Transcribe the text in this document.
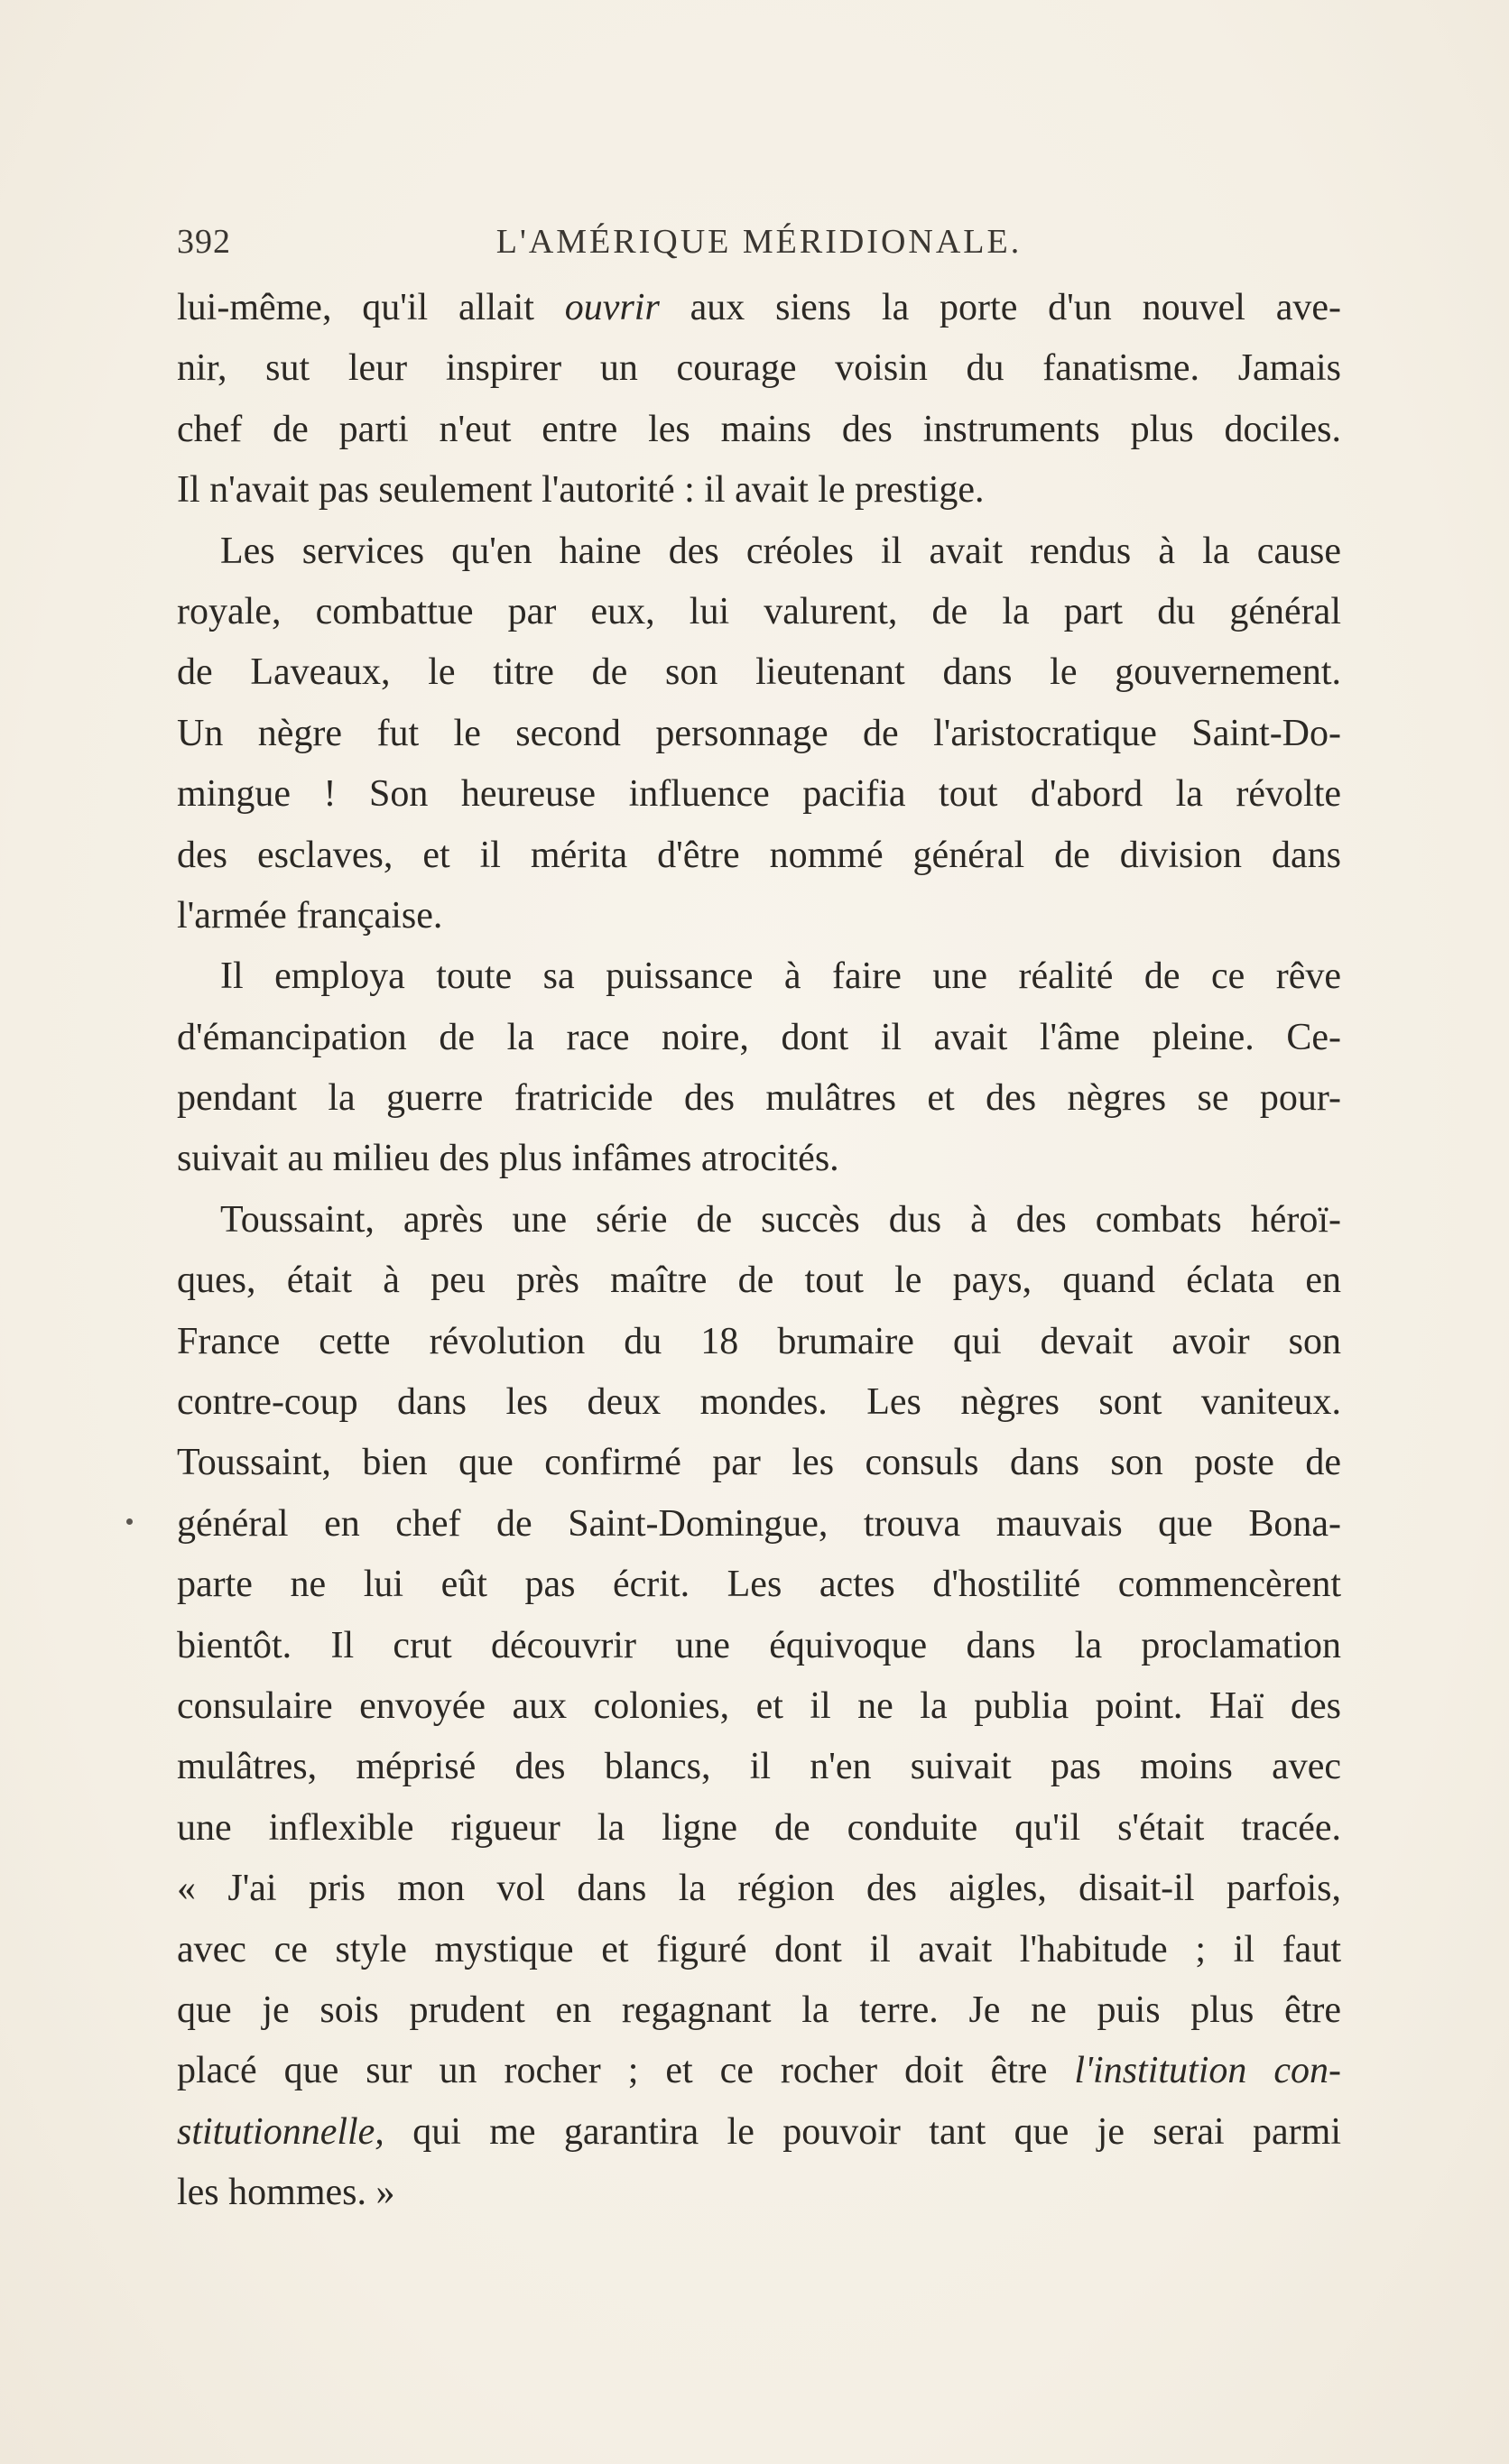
392	L'AMÉRIQUE MÉRIDIONALE.
lui-même, qu'il allait ouvrir aux siens la porte d'un nouvel ave-
nir, sut leur inspirer un courage voisin du fanatisme. Jamais
chef de parti n'eut entre les mains des instruments plus dociles.
Il n'avait pas seulement l'autorité : il avait le prestige.
Les services qu'en haine des créoles il avait rendus à la cause
royale, combattue par eux, lui valurent, de la part du général
de Laveaux, le titre de son lieutenant dans le gouvernement.
Un nègre fut le second personnage de l'aristocratique Saint-Do-
mingue ! Son heureuse influence pacifia tout d'abord la révolte
des esclaves, et il mérita d'être nommé général de division dans
l'armée française.
Il employa toute sa puissance à faire une réalité de ce rêve
d'émancipation de la race noire, dont il avait l'âme pleine. Ce-
pendant la guerre fratricide des mulâtres et des nègres se pour-
suivait au milieu des plus infâmes atrocités.
Toussaint, après une série de succès dus à des combats héroï-
ques, était à peu près maître de tout le pays, quand éclata en
France cette révolution du 18 brumaire qui devait avoir son
contre-coup dans les deux mondes. Les nègres sont vaniteux.
Toussaint, bien que confirmé par les consuls dans son poste de
général en chef de Saint-Domingue, trouva mauvais que Bona-
parte ne lui eût pas écrit. Les actes d'hostilité commencèrent
bientôt. Il crut découvrir une équivoque dans la proclamation
consulaire envoyée aux colonies, et il ne la publia point. Haï des
mulâtres, méprisé des blancs, il n'en suivait pas moins avec
une inflexible rigueur la ligne de conduite qu'il s'était tracée.
« J'ai pris mon vol dans la région des aigles, disait-il parfois,
avec ce style mystique et figuré dont il avait l'habitude ; il faut
que je sois prudent en regagnant la terre. Je ne puis plus être
placé que sur un rocher ; et ce rocher doit être l'institution con-
stitutionnelle, qui me garantira le pouvoir tant que je serai parmi
les hommes. »
